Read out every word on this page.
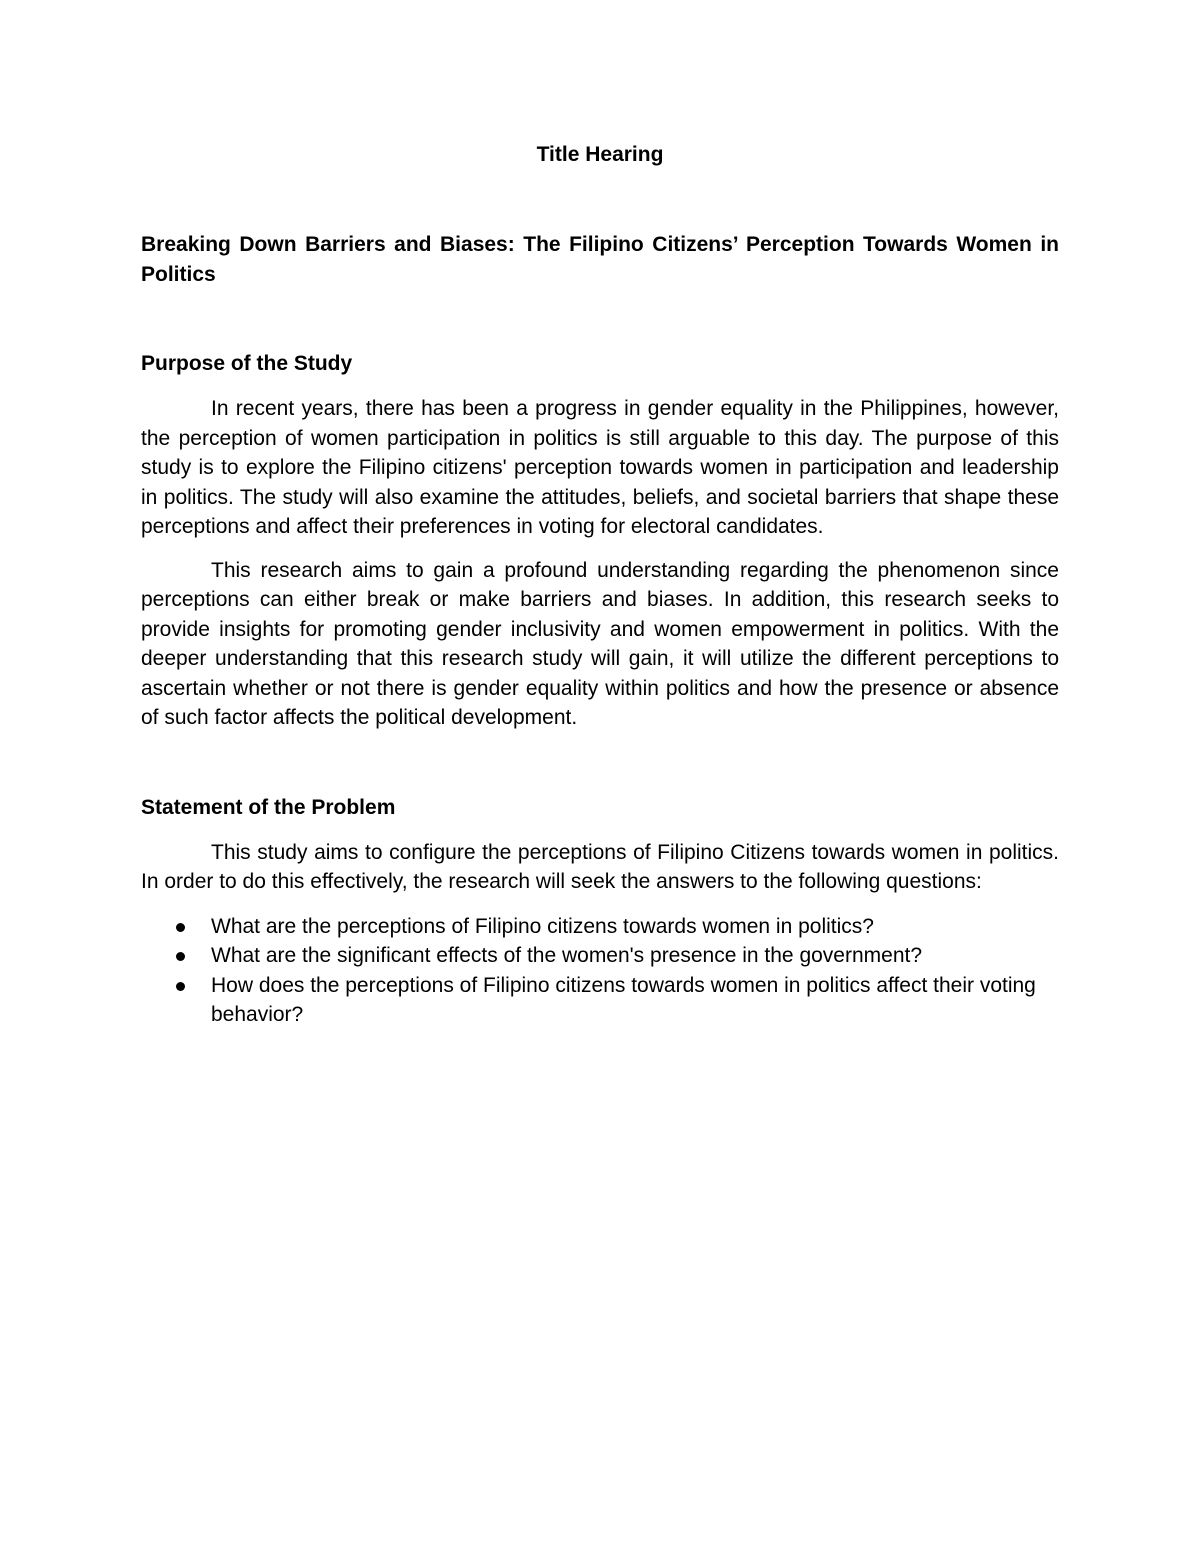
Title Hearing
Breaking Down Barriers and Biases: The Filipino Citizens’ Perception Towards Women in Politics
Purpose of the Study

In recent years, there has been a progress in gender equality in the Philippines, however, the perception of women participation in politics is still arguable to this day. The purpose of this study is to explore the Filipino citizens' perception towards women in participation and leadership in politics. The study will also examine the attitudes, beliefs, and societal barriers that shape these perceptions and affect their preferences in voting for electoral candidates.

This research aims to gain a profound understanding regarding the phenomenon since perceptions can either break or make barriers and biases. In addition, this research seeks to provide insights for promoting gender inclusivity and women empowerment in politics. With the deeper understanding that this research study will gain, it will utilize the different perceptions to ascertain whether or not there is gender equality within politics and how the presence or absence of such factor affects the political development.

Statement of the Problem

This study aims to configure the perceptions of Filipino Citizens towards women in politics. In order to do this effectively, the research will seek the answers to the following questions:

What are the perceptions of Filipino citizens towards women in politics?
What are the significant effects of the women's presence in the government?
How does the perceptions of Filipino citizens towards women in politics affect their voting behavior?
